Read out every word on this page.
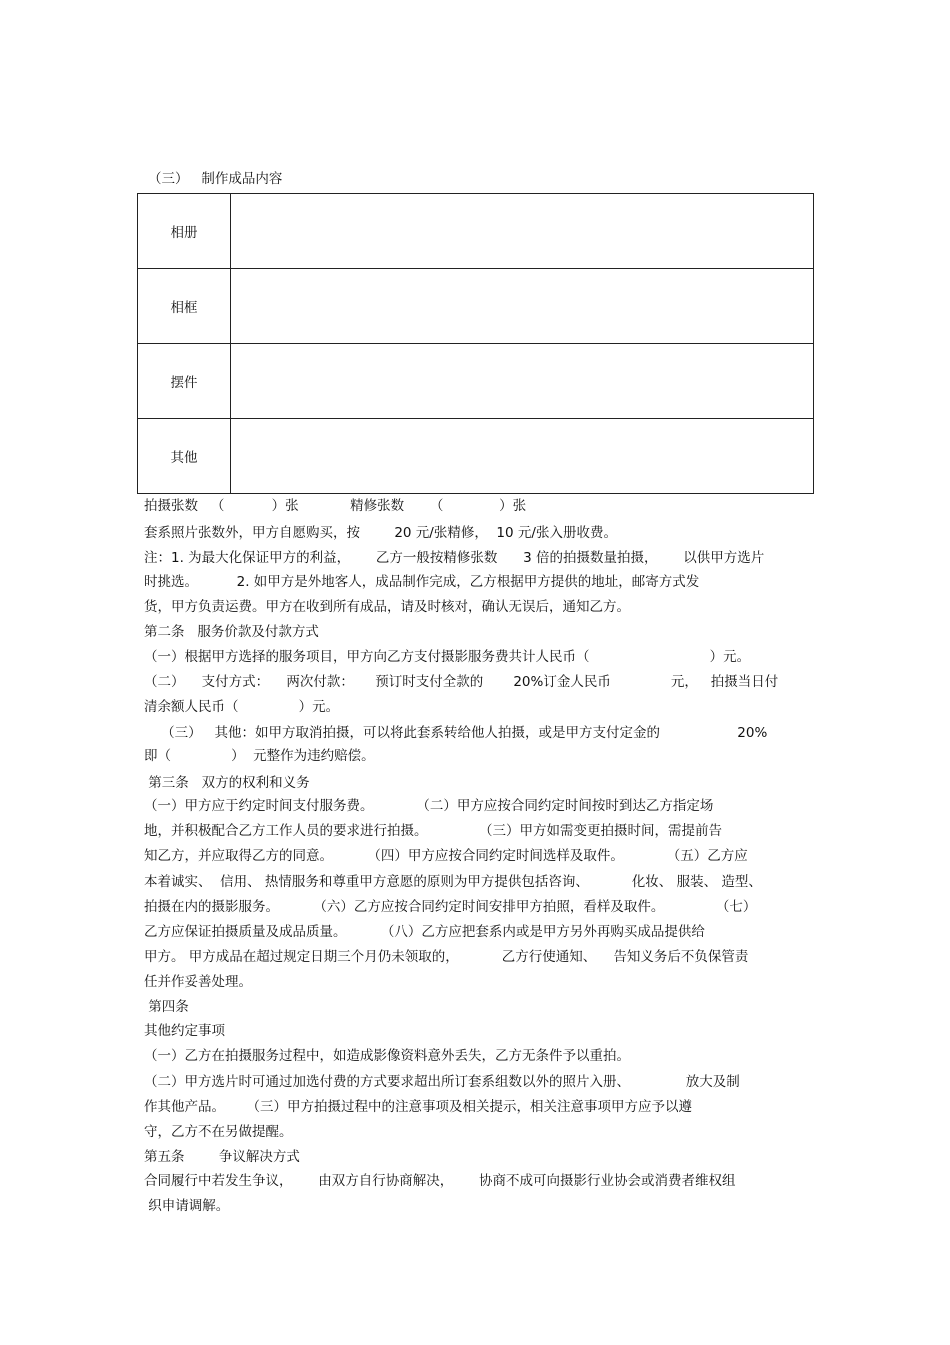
（三）   制作成品内容
相册	
相框	
摆件	
其他	
拍摄张数   （           ）张            精修张数      （             ）张
套系照片张数外，甲方自愿购买，按        20 元/张精修，  10 元/张入册收费。
注：1. 为最大化保证甲方的利益，      乙方一般按精修张数      3 倍的拍摄数量拍摄，      以供甲方选片
时挑选。         2. 如甲方是外地客人，成品制作完成，乙方根据甲方提供的地址，邮寄方式发
货，甲方负责运费。甲方在收到所有成品，请及时核对，确认无误后，通知乙方。
第二条   服务价款及付款方式
（一）根据甲方选择的服务项目，甲方向乙方支付摄影服务费共计人民币（                            ）元。
（二）    支付方式：    两次付款：     预订时支付全款的       20%订金人民币              元，   拍摄当日付
清余额人民币（              ）元。
（三）   其他：如甲方取消拍摄，可以将此套系转给他人拍摄，或是甲方支付定金的                  20%
即（              ）  元整作为违约赔偿。
第三条   双方的权利和义务
（一）甲方应于约定时间支付服务费。          （二）甲方应按合同约定时间按时到达乙方指定场
地，并积极配合乙方工作人员的要求进行拍摄。            （三）甲方如需变更拍摄时间，需提前告
知乙方，并应取得乙方的同意。        （四）甲方应按合同约定时间选样及取件。          （五）乙方应
本着诚实、  信用、 热情服务和尊重甲方意愿的原则为甲方提供包括咨询、          化妆、 服装、 造型、
拍摄在内的摄影服务。        （六）乙方应按合同约定时间安排甲方拍照，看样及取件。            （七）
乙方应保证拍摄质量及成品质量。        （八）乙方应把套系内或是甲方另外再购买成品提供给
甲方。 甲方成品在超过规定日期三个月仍未领取的，          乙方行使通知、    告知义务后不负保管责
任并作妥善处理。
第四条
其他约定事项
（一）乙方在拍摄服务过程中，如造成影像资料意外丢失，乙方无条件予以重拍。
（二）甲方选片时可通过加选付费的方式要求超出所订套系组数以外的照片入册、             放大及制
作其他产品。     （三）甲方拍摄过程中的注意事项及相关提示，相关注意事项甲方应予以遵
守，乙方不在另做提醒。
第五条        争议解决方式
合同履行中若发生争议，      由双方自行协商解决，      协商不成可向摄影行业协会或消费者维权组
织申请调解。
